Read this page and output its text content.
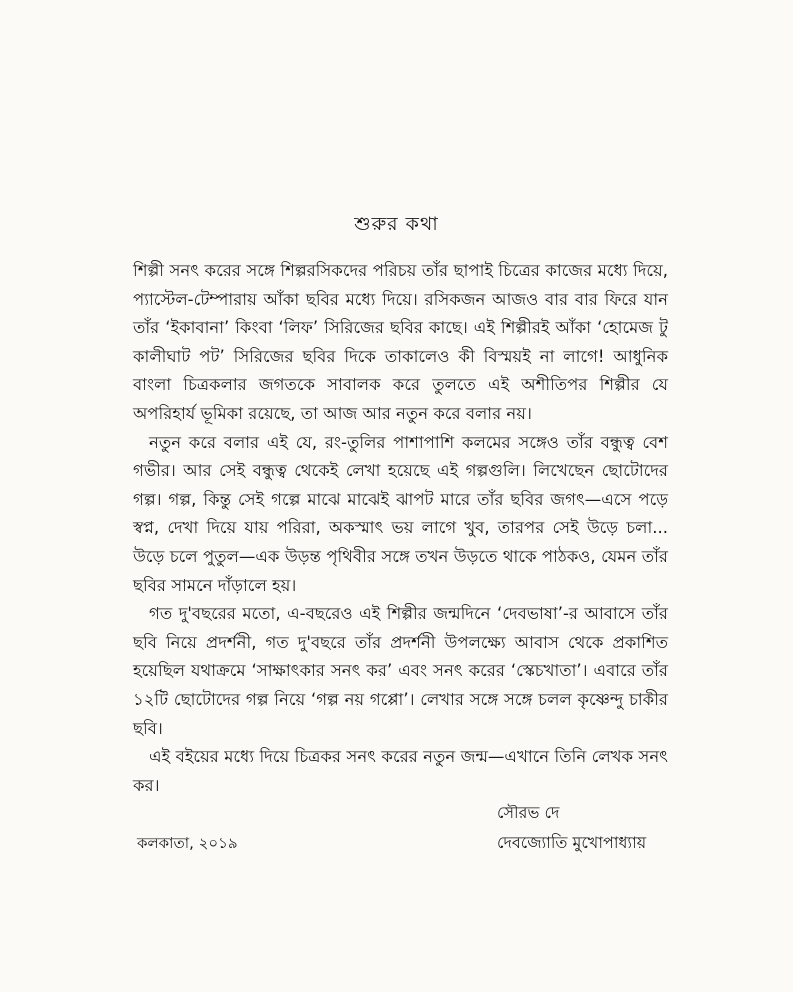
শুরুর কথা

শিল্পী সনৎ করের সঙ্গে শিল্পরসিকদের পরিচয় তাঁর ছাপাই চিত্রের কাজের মধ্যে দিয়ে, প্যাস্টেল-টেম্পারায় আঁকা ছবির মধ্যে দিয়ে। রসিকজন আজও বার বার ফিরে যান তাঁর ‘ইকাবানা’ কিংবা ‘লিফ’ সিরিজের ছবির কাছে। এই শিল্পীরই আঁকা ‘হোমেজ টু কালীঘাট পট’ সিরিজের ছবির দিকে তাকালেও কী বিস্ময়ই না লাগে! আধুনিক বাংলা চিত্রকলার জগতকে সাবালক করে তুলতে এই অশীতিপর শিল্পীর যে অপরিহার্য ভূমিকা রয়েছে, তা আজ আর নতুন করে বলার নয়।

নতুন করে বলার এই যে, রং-তুলির পাশাপাশি কলমের সঙ্গেও তাঁর বন্ধুত্ব বেশ গভীর। আর সেই বন্ধুত্ব থেকেই লেখা হয়েছে এই গল্পগুলি। লিখেছেন ছোটোদের গল্প। গল্প, কিন্তু সেই গল্পে মাঝে মাঝেই ঝাপট মারে তাঁর ছবির জগৎ—এসে পড়ে স্বপ্ন, দেখা দিয়ে যায় পরিরা, অকস্মাৎ ভয় লাগে খুব, তারপর সেই উড়ে চলা... উড়ে চলে পুতুল—এক উড়ন্ত পৃথিবীর সঙ্গে তখন উড়তে থাকে পাঠকও, যেমন তাঁর ছবির সামনে দাঁড়ালে হয়।

গত দু'বছরের মতো, এ-বছরেও এই শিল্পীর জন্মদিনে ‘দেবভাষা’-র আবাসে তাঁর ছবি নিয়ে প্রদর্শনী, গত দু'বছরে তাঁর প্রদর্শনী উপলক্ষ্যে আবাস থেকে প্রকাশিত হয়েছিল যথাক্রমে ‘সাক্ষাৎকার সনৎ কর’ এবং সনৎ করের ‘স্কেচখাতা’। এবারে তাঁর ১২টি ছোটোদের গল্প নিয়ে ‘গল্প নয় গপ্পো’। লেখার সঙ্গে সঙ্গে চলল কৃষ্ণেন্দু চাকীর ছবি।

এই বইয়ের মধ্যে দিয়ে চিত্রকর সনৎ করের নতুন জন্ম—এখানে তিনি লেখক সনৎ কর।

সৌরভ দে
দেবজ্যোতি মুখোপাধ্যায়
কলকাতা, ২০১৯
